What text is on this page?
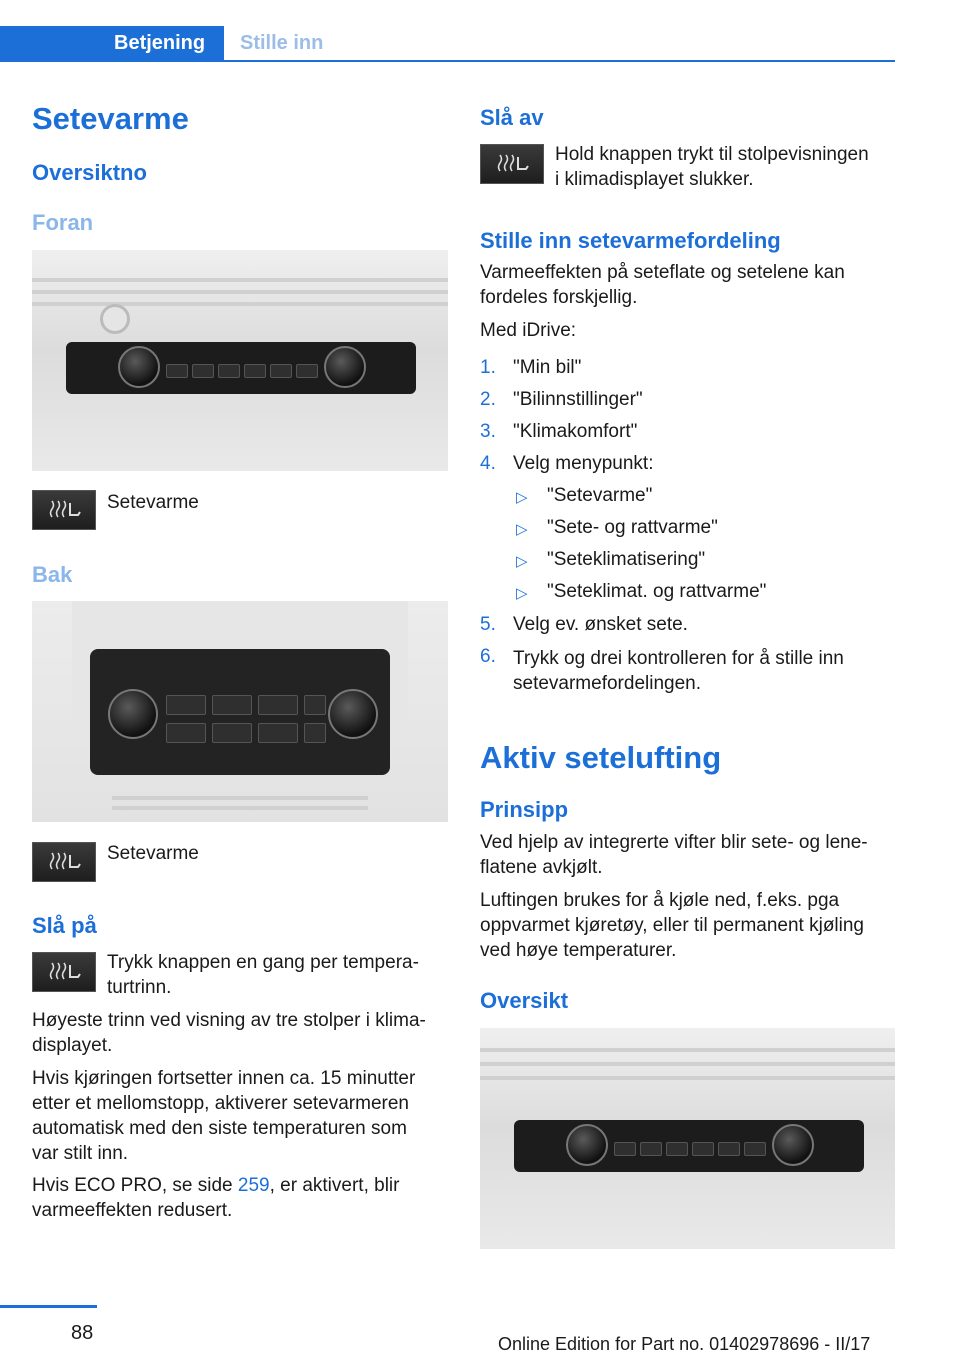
Betjening	Stille inn
Setevarme
Oversiktno
Foran
Setevarme
Bak
Setevarme
Slå på
Trykk knappen en gang per tempera-
turtrinn.
Høyeste trinn ved visning av tre stolper i klima-
displayet.
Hvis kjøringen fortsetter innen ca. 15 minutter
etter et mellomstopp, aktiverer setevarmeren
automatisk med den siste temperaturen som
var stilt inn.
Hvis ECO PRO, se side 259, er aktivert, blir
varmeeffekten redusert.
Slå av
Hold knappen trykt til stolpevisningen
i klimadisplayet slukker.
Stille inn setevarmefordeling
Varmeeffekten på seteflate og setelene kan
fordeles forskjellig.
Med iDrive:
1. "Min bil"
2. "Bilinnstillinger"
3. "Klimakomfort"
4. Velg menypunkt:
▷ "Setevarme"
▷ "Sete- og rattvarme"
▷ "Seteklimatisering"
▷ "Seteklimat. og rattvarme"
5. Velg ev. ønsket sete.
6. Trykk og drei kontrolleren for å stille inn
setevarmefordelingen.
Aktiv setelufting
Prinsipp
Ved hjelp av integrerte vifter blir sete- og lene-
flatene avkjølt.
Luftingen brukes for å kjøle ned, f.eks. pga
oppvarmet kjøretøy, eller til permanent kjøling
ved høye temperaturer.
Oversikt
88	Online Edition for Part no. 01402978696 - II/17
